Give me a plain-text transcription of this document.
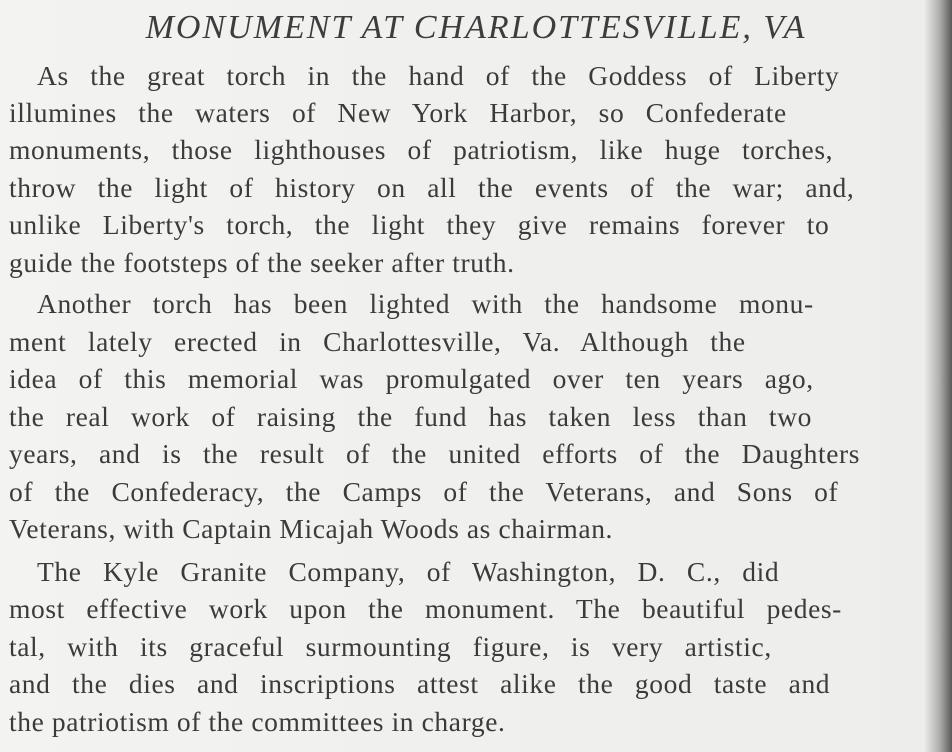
MONUMENT AT CHARLOTTESVILLE, VA
As the great torch in the hand of the Goddess of Liberty
illumines the waters of New York Harbor, so Confederate
monuments, those lighthouses of patriotism, like huge torches,
throw the light of history on all the events of the war; and,
unlike Liberty's torch, the light they give remains forever to
guide the footsteps of the seeker after truth.
Another torch has been lighted with the handsome monu-
ment lately erected in Charlottesville, Va. Although the
idea of this memorial was promulgated over ten years ago,
the real work of raising the fund has taken less than two
years, and is the result of the united efforts of the Daughters
of the Confederacy, the Camps of the Veterans, and Sons of
Veterans, with Captain Micajah Woods as chairman.
The Kyle Granite Company, of Washington, D. C., did
most effective work upon the monument. The beautiful pedes-
tal, with its graceful surmounting figure, is very artistic,
and the dies and inscriptions attest alike the good taste and
the patriotism of the committees in charge.
